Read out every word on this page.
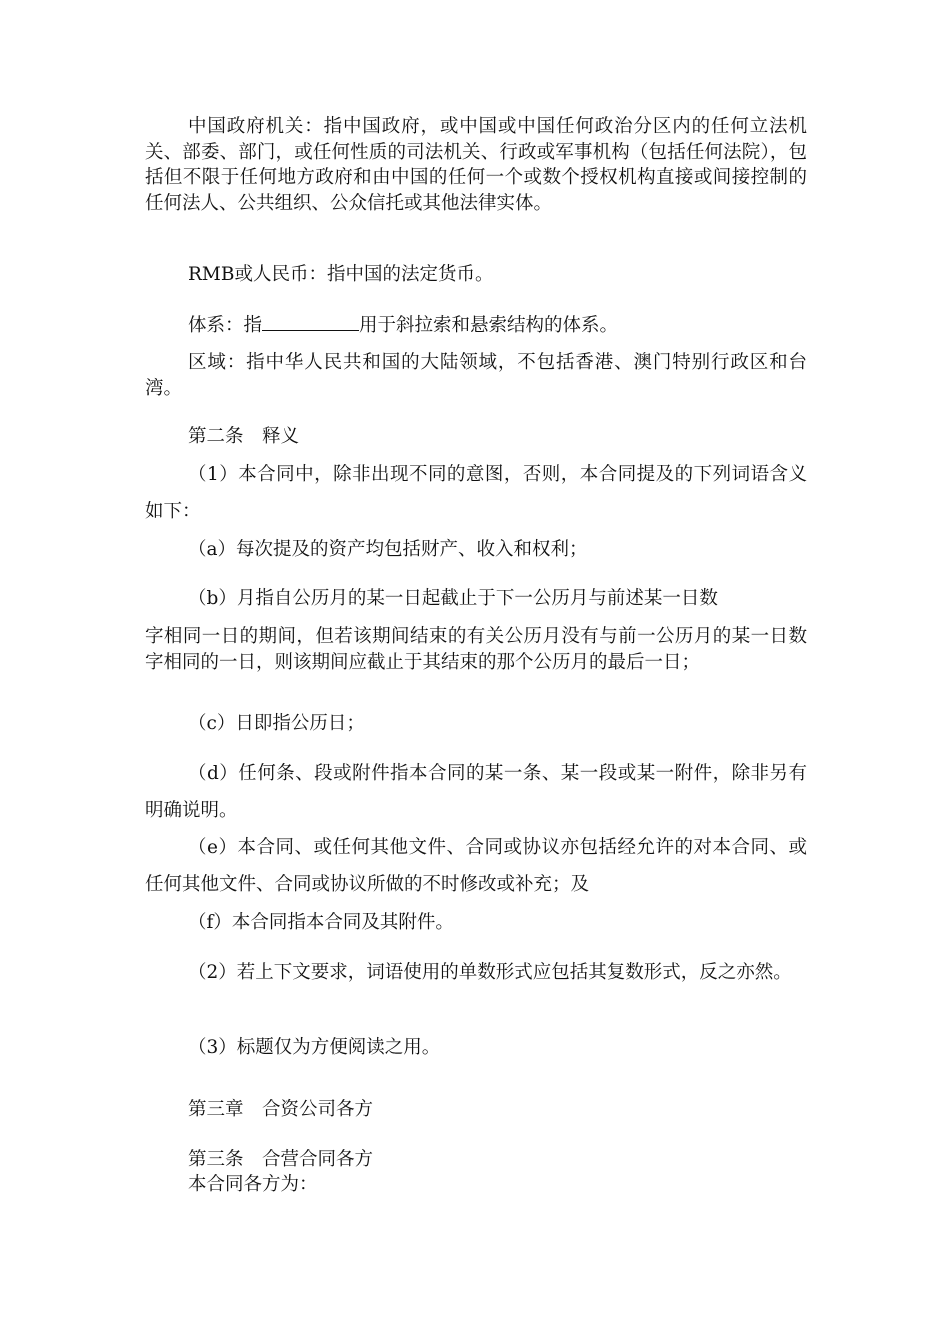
中国政府机关：指中国政府，或中国或中国任何政治分区内的任何立法机关、部委、部门，或任何性质的司法机关、行政或军事机构（包括任何法院），包括但不限于任何地方政府和由中国的任何一个或数个授权机构直接或间接控制的任何法人、公共组织、公众信托或其他法律实体。

RMB或人民币：指中国的法定货币。

体系：指	用于斜拉索和悬索结构的体系。

区域：指中华人民共和国的大陆领域，不包括香港、澳门特别行政区和台湾。

第二条　释义

（1）本合同中，除非出现不同的意图，否则，本合同提及的下列词语含义如下：

（a）每次提及的资产均包括财产、收入和权利；

（b）月指自公历月的某一日起截止于下一公历月与前述某一日数

字相同一日的期间，但若该期间结束的有关公历月没有与前一公历月的某一日数字相同的一日，则该期间应截止于其结束的那个公历月的最后一日；

（c）日即指公历日；

（d）任何条、段或附件指本合同的某一条、某一段或某一附件，除非另有明确说明。

（e）本合同、或任何其他文件、合同或协议亦包括经允许的对本合同、或任何其他文件、合同或协议所做的不时修改或补充；及

（f）本合同指本合同及其附件。

（2）若上下文要求，词语使用的单数形式应包括其复数形式，反之亦然。

（3）标题仅为方便阅读之用。

第三章　合资公司各方

第三条　合营合同各方

本合同各方为：
